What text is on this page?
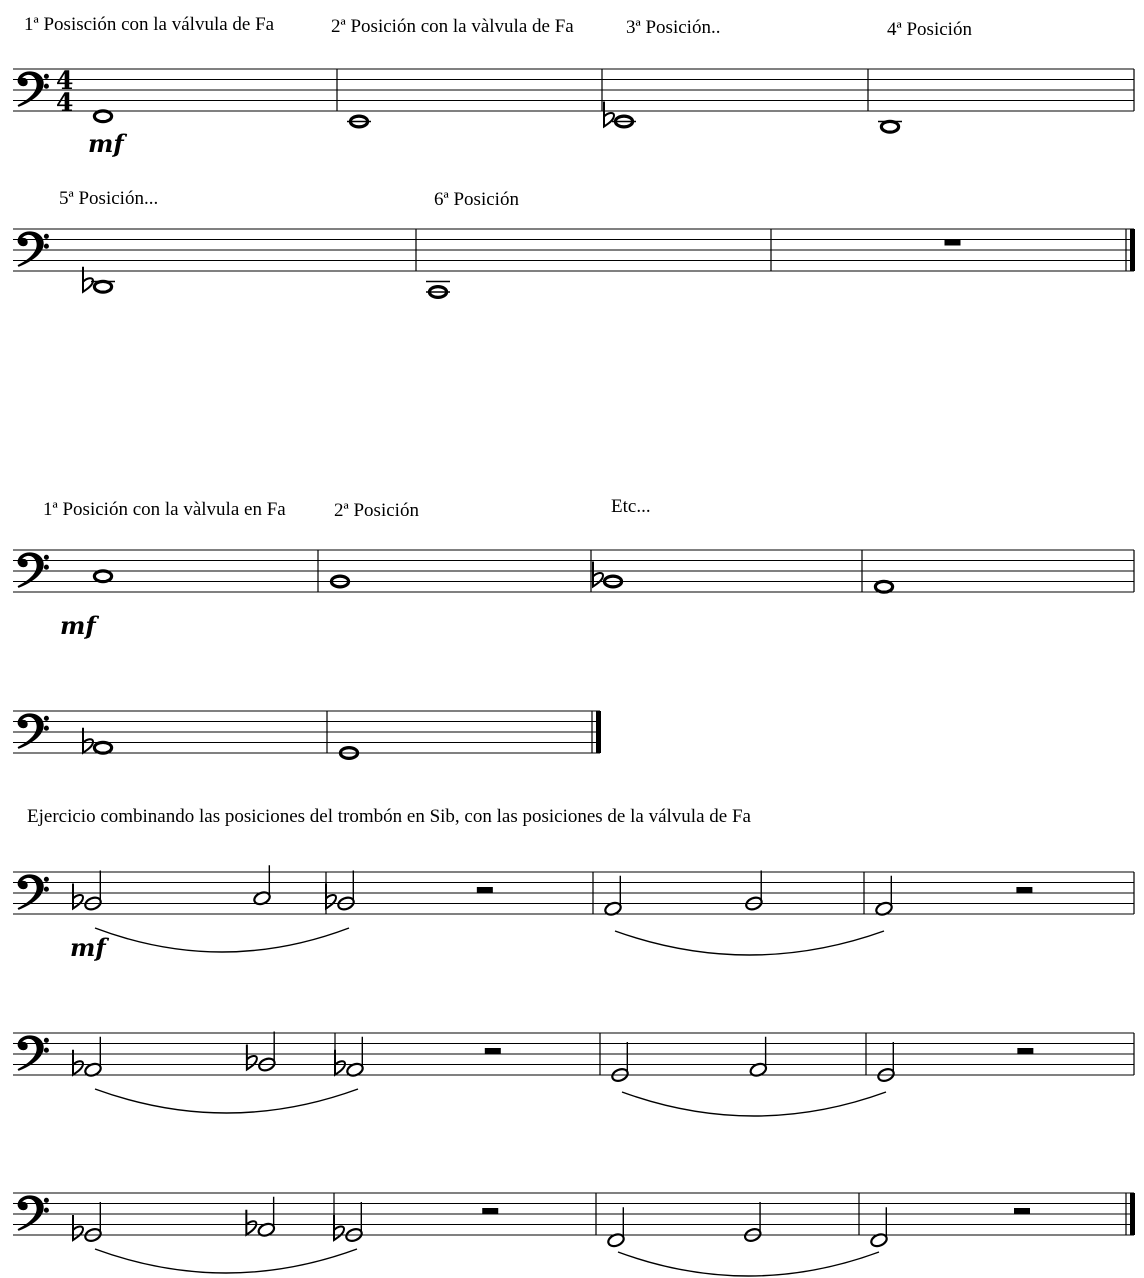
1ª Posisción con la válvula de Fa	2ª Posición con la vàlvula de Fa	3ª Posición..	4ª Posición
5ª Posición...	6ª Posición
1ª Posición con la vàlvula en Fa	2ª Posición	Etc...
Ejercicio combinando las posiciones del trombón en Sib, con las posiciones de la válvula de Fa
4
4
mf
mf
mf
